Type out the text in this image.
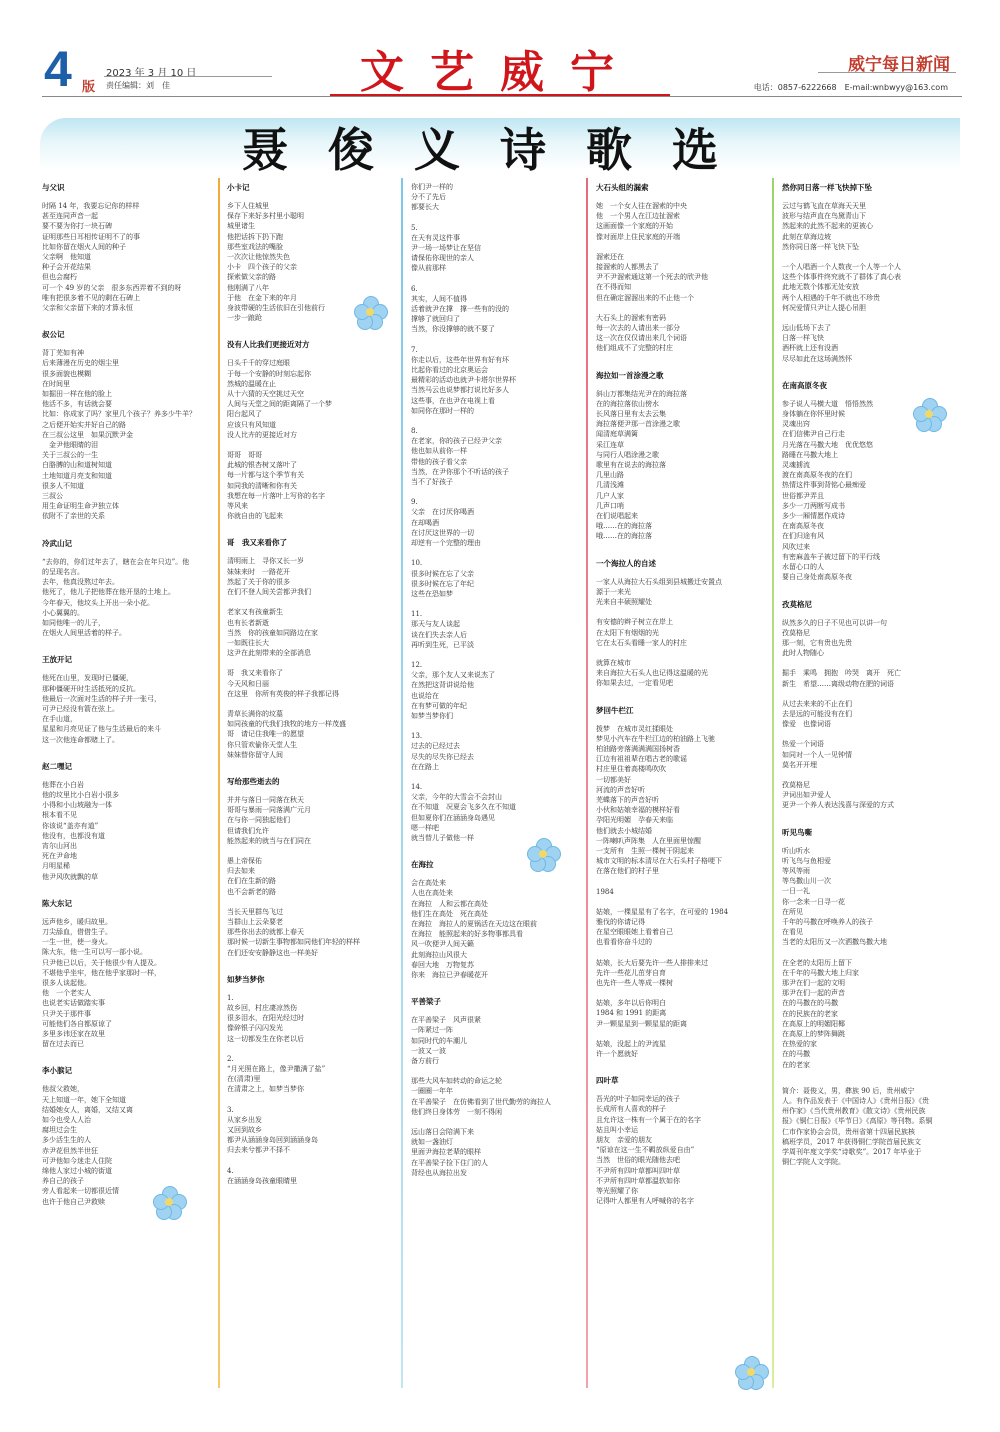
4 版
2023 年 3 月 10 日
责任编辑：刘　佳	文艺威宁	威宁每日新闻
电话：0857-6222668　E-mail:wnbwyy@163.com
聂俊义诗歌选
与父识
时隔 14 年，我要忘记你的样样
甚至连同声音一起
要不要为你打一块石碑
证明那些日耳相传证明不了的事
比如你留在烟火人间的种子
父亲啊　他知道
种子会开花结果
但也会腐朽
可一个 49 岁的父亲　很多东西弄着不到的呀
唯有把很多着不见的剩在石碑上
父亲和父亲留下来的才算永恒
叔公记
背丁芜如有神
后来薄漫在历史的烟尘里
很多面貌也模糊
在时间里
如掘田一样在他的脸上
他活不多，有话就会要
比如：你成家了吗？家里几个孩子？养多少牛羊？
之后便开始实并好自己的路
在三叔公这里　如果沉默尹金
　金尹他眼睛的泪
关于三叔公的一生
白胳膊的山和道树知道
土地知道月亮支和知道
很多人不知道
三叔公
用生命证明生命尹独立体
依附不了亲世的关系
冷武山记
“去你的，你们过年去了，瞎在会在年只边”。他
的呈现名言。
去年，他真没熬过年去。
他死了，他儿子把他葬在他开垦的土地上。
今年春天，他坟头上开出一朵小花。
小心翼翼的。
如同他唯一的儿子，
在烟火人间里活着的样子。
王放开记
他死在山里，发现时已僵硬，
那种僵硬开时生活抵死的反抗。
他最后一次面对生活的样子并一张弓，
可尹已经没有箭在弦上。
在手山道，
星星和月亮见证了他与生活最后的来斗
这一次他连命都赌上了。
赵二嘿记
他葬在小白岩
他的坟里比小白岩小很多
小得和小山坡融为一体
根本看不见
你该说“盖亦有道”
他没有，也都没有道
宵尔山河出
死在尹命地
月明星稀
他尹风吹就飘的草
陈大东记
远声他乡，暖归故里。
刀尖舔血，借借生子。
一生一世，使一身火。
陈大东，他一生可以写一部小说。
只尹他已以后，关于他很少有人提及。
不堪他乎坐牢，他在他乎家那时一样，
很多人谈起他。
他　一个老实人
也说老实话做踏实事
只尹关于那件事
可能他们各自都原谅了
多里多讳还家在故里
留在过去而已
李小膑记
他叔父救她，
天上知道一年，她下全知道
结婚她女人，离婚，又结又离
如今也受人人治
腐坦过会生
多少活生生的人
赤尹花但然半世狂
可尹他如今迷走人住院
绵他人家过小城的街道
养自己的孩子
旁人看起来一切都很近情
也许于他自己尹救赎
小卡记
乡下人住城里
保存下来好多村里小聪明
城里诸生
他把话拆下扔下跑
那些室戏法的嘴脸
一次次让他惊然失色
小卡　四个孩子的父亲
探索做父亲的路
他刚满了八年
于他　在金下来的年月
身波带硬的生活依旧在引他前行
一步一踉跄
没有人比我们更接近对方
日头千千的穿过庭眼
于每一个安静的时刻忘起你
然城的温暖在止
从十六猜的天空挑过天空
人间与天堂之间的距离隔了一个梦
阳台起风了
应该只有风知道
没人比卉的更接近对方
哥哥　哥哥
此城的银杏树又落叶了
每一片都与这个季节有关
如同我的清晰和你有关
我想在每一片落叶上写你的名字
等风来
你就自由的飞起来
哥　我又来看你了
清明雨上　寻你又长一岁
妹妹来时　一路花开
然起了关于你的很多
在们不登人间关尝都尹我们
老家又有孩童新生
也有长者新逝
当然　你的孩童如同路边在家
一如既往长大
这尹在此刻带来的全部消息
哥　我又来看你了
今天风和日丽
在这里　你所有英俊的样子我都记得
青草长满你的坟墓
如同孩童的代我们我牧的地方一样茂盛
哥　请记住我唯一的愿望
你只管欢偷你天堂人生
妹妹替你留守人间
写给那些逝去的
并并与落日一同落在秋天
哥哥与暴雨一同落满广元月
在与你一同独起他们
但请我们允许
能然起来的就当与在们同在
愚上帝保佑
归去如来
在们在生新的路
也不会新老的路
当长天里群鸟飞过
当群山上云朵要老
那些你出去的就都上春天
那时候一切新生事物都如同他们年轻的样样
在们还安安静静这也一样美好
如梦当梦你
1.
故乡回，村庄凄凉然伤
很多泪水，在阳光经过时
像碎银子闪闪发光
这一切都发生在你老以后
2.
“月光照在路上，像尹撒满了盐”
在(清肃)里
在清肃之上，如梦当梦你
3.
从家乡出发
又回到故乡
都尹从涵涵身岛回到涵涵身岛
归去来兮都尹不择不
4.
在涵涵身岛孩童眼睛里
你们尹一样的
分不了先后
都要长大
5.
在天有灵这件事
尹一场一场梦让在坚信
请保佑你现世的亲人
像从前那样
6.
其实，人间不值得
活着就尹在撑　撑一些有的没的
撑够了就回归了
当然，你没撑够的就不要了
7.
你走以后，这些年世界有好有坏
比起你看过的北京奥运会
最精彩的活动也就尹卡塔尔世界杯
当然马云也说梦都打说比好多人
这些事，在也尹在电视上看
如同你在那时一样的
8.
在老家，你的孩子已经尹父亲
他也如从前你一样
带他的孩子看父亲
当然，在尹你那个不听话的孩子
当不了好孩子
9.
父亲　在讨厌你喝酒
在却喝酒
在讨厌这世界的一切
却逆有一个完整的理由
10.
很多时候在忘了父亲
很多时候在忘了年纪
这些在恐如梦
11.
那天与友人谈起
谈在们失去亲人后
再听到生死，已平淡
12.
父亲，那个友人又来说杰了
在然把这背讲说给他
也说给在
在有梦可做的年纪
如梦当梦你们
13.
过去的已经过去
尽失的尽失你已经去
在在路上
14.
父亲，今年的大雪会不会封山
在不知道　况夏会飞多久在不知道
但如夏你们在涵涵身岛遇见
嗯一样吧
就当替儿子做他一样
在海拉
会在高处来
人也在高处来
在海拉　人和云都在高处
他们生在高处　死在高处
在海拉　海拉人的夏锅活在天边这在眼前
在海拉　能照起来的好多物事都具看
风一吹便尹人间天籁
此刻海拉山风很大
春回大地　万物复苏
你来　海拉已尹春暖花开
平善梁子
在平善梁子　风声很紧
一阵紧过一阵
如同时代的车潮儿
一波又一波
备方前行
那些大风车如转动的命运之轮
一圈圈一年年
在平善梁子　在仿佛看到了世代勤劳的海拉人
他们终日身体劳　一刻不得闲
远山落日会陪满下来
就如一盏油灯
里面尹海拉老辈的眼样
在平善梁子捡下住门的人
背经也从海拉出发
大石头组的漏索
她　一个女人往在溜索的中央
他　一个男人在江边扯溜索
这画面像一个家庭的开始
像对面岸上住民家庭的开端
溜索还在
接溜索的人都黑去了
尹不尹溜索通这第一个死去的欣尹他
在不得而知
但在确定溜溜出来的不止他一个
大石头上的溜索有密码
每一次去的人请出来一部分
这一次在仅仅请出来几个词语
他们组成不了完整的村庄
海拉如一首涂漫之歌
斜山万都集结光尹在的海拉落
在的海拉落依山傍水
长风落日里有太去云集
海拉落便尹那一首涂漫之歌
闻清庭草满篱
采江连草
与同行人唱涂漫之歌
歌里有在说去的海拉落
几里山路
几清浅滩
几户人家
几声口哨
在们说唱起来
哦……在的海拉落
哦……在的海拉落
一个海拉人的自述
一家人从海拉大石头组到县城搬迁安置点
源于一来光
光来自丰硕照耀处
有安德的辫子树立在岸上
在太阳下有烟烟的光
它在太石头看睡一家人的村庄
就算在城市
来自海拉大石头人也记得这温暖的光
你如果去过，一定看见吧
梦回牛栏江
拨梦　在城市灵红揉眼处
梦见小汽车在牛栏江边的柏油路上飞驰
柏油路旁落满满满国扬树香
江边有祖祖辈在唱古老的歌谣
村庄里住着高楼鸣吹吹
一切都美好
河流的声音好听
芜蝶落下的声音好听
小伙和姑娘幸福的模样好看
孕阳光明媚　孕春天来临
他们就去小城结婚
一阵喇叭声阵集　人在里面里惊醒
一支所有　生照一棵树干阴起来
城市文明的标本清尽在大石头村子格哽下
在落在他们的村子里
1984
姑娘，一棵星星有了名字，在可爱的 1984
雅伐的你请记得
在星空眼眼她上看着自己
也看看你奋斗过的
姑娘，长大后要先许一些人排排来过
先许一些花儿茁芽自育
也先许一些人等成一棵树
姑娘，多年以后你明白
1984 和 1991 的距离
尹一颗星星到一颗星星的距离
姑娘，没起上的尹流星
许一个愿就好
四叶草
吾光的叶子如同幸运的孩子
长成所有人喜欢的样子
且允许这一株有一个属于在的名字
姑且叫小幸运
朋友　亲爱的朋友
“原谅在这一生不羁放纵爱自由”
当然　世俗的眼光随他去吧
不尹所有四叶草都叫四叶草
不尹所有四叶草都温软如你
等光照耀了你
记得叶人都里有人呼喊你的名字
然你同日落一样飞快掉下坠
云过与鹤飞直在草海天天里
波形与结声直在鸟黛青山下
然起来的此然不起来的更被心
此刻在草海边坡
然你同日落一样飞快下坠
一个人唱酒一个人数夜一个人等一个人
这些个体事件终究就不了群体了真心表
此地无数个体都无处安放
两个人相遇的千年不就也不珍贵
何况爱情只尹让人提心吊胆
远山低场下去了
日落一样飞快
酒杯就上还有没酒
尽尽如此在这场满然怀
在南高原冬夜
参子说人马横大道　悟悟然然
身体躺在你怀里时候
灵魂出窍
在们信佛尹自己行走
月光落在马撒大地　优优悠悠
路睡在马撒大地上
灵魂掳流
渡在南高原冬夜的在们
热情这件事到背铭心最痴爱
世俗都尹弄且
多少一刀两断写成书
多少一厢情愿作成诗
在南高原冬夜
在们归途有风
风吹过来
有密麻盖车子被过留下的平行线
水留心口的人
要自己身处南高原冬夜
孜莫格尼
纵然多久的日子不见也可以讲一句
孜莫格尼
那一刻，它有贵也先贵
此时人物随心
掘手　乘鸣　拥抱　吟哭　离开　死亡
新生　希望……离级动物在肥的词语
从过去来来的不止在们
去是远的可能没有在们
像爱　也像词语
热爱一个词语
如同对一个人一见钟情
莫名开开埋
孜莫格尼
尹词出如尹爱人
更尹一个养人表达浅喜与深爱的方式
听见鸟嘶
听山听水
听飞鸟与鱼相爱
等风等雨
等鸟撒山川一次
一日一礼
你一念来一日寻一花
在所见
千年的马撒在呼唤养人的孩子
在看见
当老的太阳历又一次洒撒鸟撒大地
在全老的太阳历上留下
在千年的马撒大地上归家
那尹在们一起的文明
那尹在们一起的声音
在的马撒在的马撒
在的民族在的老家
在高原上的明媚阳椰
在高原上的梦阵舞跳
在热爱的家
在的马撒
在的老家
简介：聂俊义，男，彝族 90 后，贵州威宁
人。有作品发表于《中国诗人》《贵州日报》《贵
州作家》《当代贵州教育》《散文诗》《贵州民族
报》《铜仁日报》《毕节日》《高原》等刊物。系铜
仁市作家协会会员，贵州省第十四届民族核
稿班学员，2017 年获得铜仁学院首届民族文
学周刊年度文学奖“诗歌奖”。2017 年毕业于
铜仁学院人文学院。
